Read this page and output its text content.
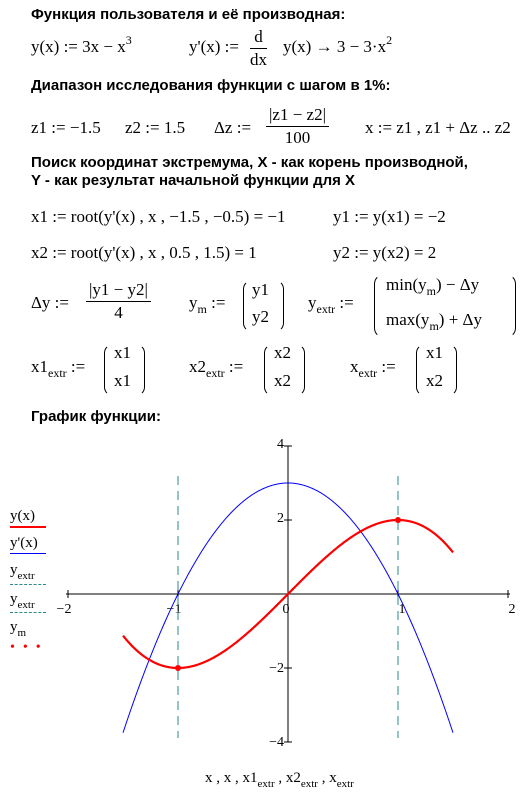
Функция пользователя и её производная:
Диапазон исследования функции с шагом в 1%:
Поиск координат экстремума, X - как корень производной,
Y - как результат начальной функции для X
График функции:
y(x) := $3x - x^3$	y'(x) := $\frac{d}{dx} y(x) \to 3 - 3\cdot x^2$
z1 := −1.5 z2 := 1.5 Δz := $\frac{|z1 - z2|}{100}$ x := z1 , z1 + Δz .. z2
x1 := root(y'(x) , x , −1.5 , −0.5) = −1	y1 := y(x1) = −2
x2 := root(y'(x) , x , 0.5 , 1.5) = 1	y2 := y(x2) = 2
Δy := $\frac{|y1 - y2|}{4} y_m$ :=
y1
y2
$y_{extr}$ :=
$\min(y_m) - \Delta y$
$\max(y_m) + \Delta y$
$x1_{extr}$ :=
x1
x1
$x2_{extr}$ :=
x2
x2
$x_{extr}$ :=
x1
x2
y(x)
y'(x)
$y_{extr}$
$y_{extr}$
$y_m$
•••
−2	−1	0	1	2
4
2
−2
−4
x , x , $x1_{extr}$ , $x2_{extr}$ , $x_{extr}$
